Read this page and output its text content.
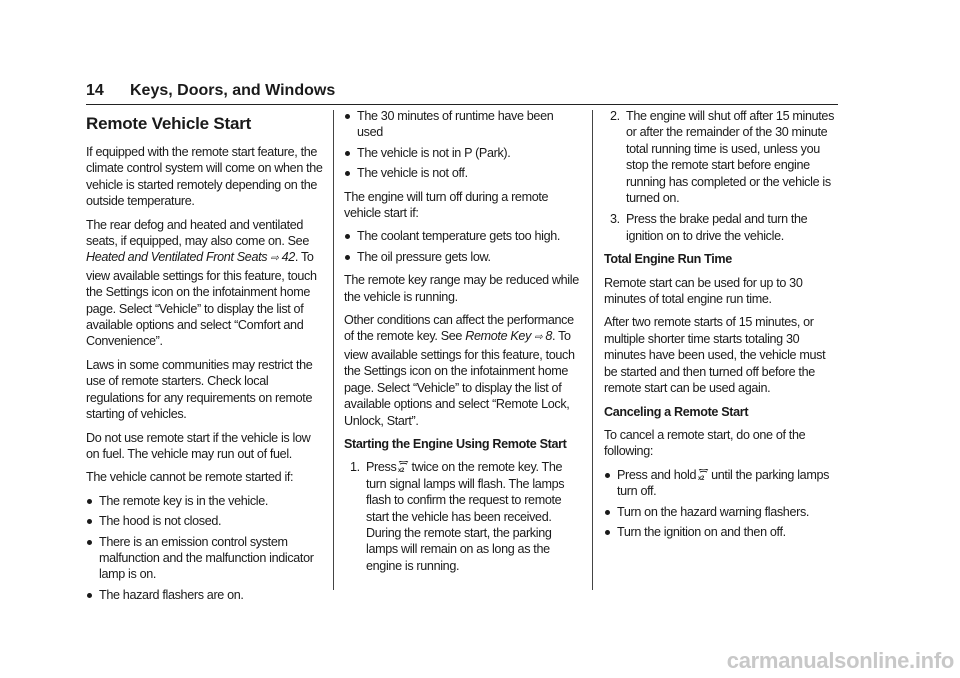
14 Keys, Doors, and Windows
Remote Vehicle Start

If equipped with the remote start feature, the climate control system will come on when the vehicle is started remotely depending on the outside temperature.

The rear defog and heated and ventilated seats, if equipped, may also come on. See Heated and Ventilated Front Seats ⇨ 42. To view available settings for this feature, touch the Settings icon on the infotainment home page. Select “Vehicle” to display the list of available options and select “Comfort and Convenience”.

Laws in some communities may restrict the use of remote starters. Check local regulations for any requirements on remote starting of vehicles.

Do not use remote start if the vehicle is low on fuel. The vehicle may run out of fuel.

The vehicle cannot be remote started if:

The remote key is in the vehicle.
The hood is not closed.
There is an emission control system malfunction and the malfunction indicator lamp is on.
The hazard flashers are on.
The 30 minutes of runtime have been used
The vehicle is not in P (Park).
The vehicle is not off.

The engine will turn off during a remote vehicle start if:

The coolant temperature gets too high.
The oil pressure gets low.

The remote key range may be reduced while the vehicle is running.

Other conditions can affect the performance of the remote key. See Remote Key ⇨ 8. To view available settings for this feature, touch the Settings icon on the infotainment home page. Select “Vehicle” to display the list of available options and select “Remote Lock, Unlock, Start”.

Starting the Engine Using Remote Start

1. Press x2 twice on the remote key. The turn signal lamps will flash. The lamps flash to confirm the request to remote start the vehicle has been received. During the remote start, the parking lamps will remain on as long as the engine is running.
2. The engine will shut off after 15 minutes or after the remainder of the 30 minute total running time is used, unless you stop the remote start before engine running has completed or the vehicle is turned on.
3. Press the brake pedal and turn the ignition on to drive the vehicle.

Total Engine Run Time

Remote start can be used for up to 30 minutes of total engine run time.

After two remote starts of 15 minutes, or multiple shorter time starts totaling 30 minutes have been used, the vehicle must be started and then turned off before the remote start can be used again.

Canceling a Remote Start

To cancel a remote start, do one of the following:

Press and hold x2 until the parking lamps turn off.
Turn on the hazard warning flashers.
Turn the ignition on and then off.
carmanualsonline.info
